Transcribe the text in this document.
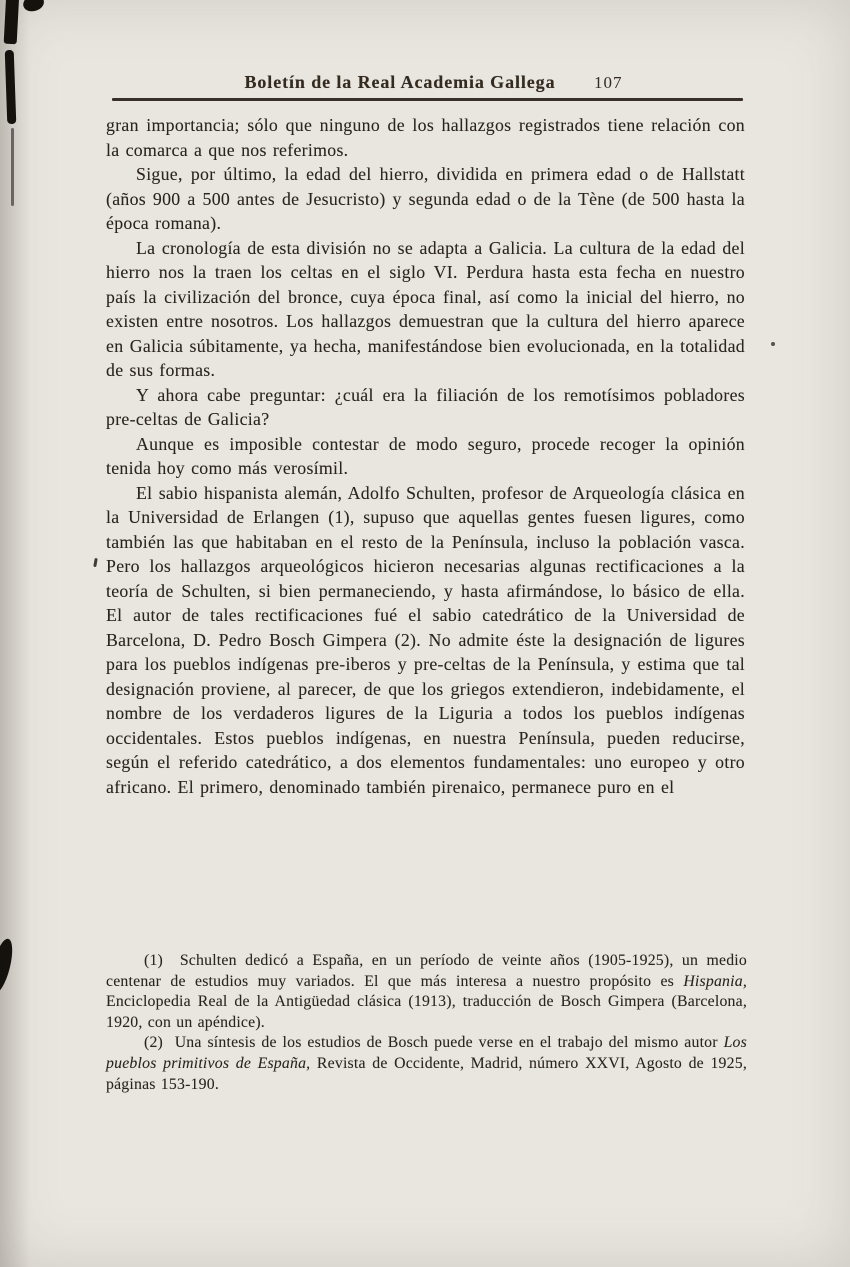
Boletín de la Real Academia Gallega	107

gran importancia; sólo que ninguno de los hallazgos registrados tiene relación con la comarca a que nos referimos.

Sigue, por último, la edad del hierro, dividida en primera edad o de Hallstatt (años 900 a 500 antes de Jesucristo) y segunda edad o de la Tène (de 500 hasta la época romana).

La cronología de esta división no se adapta a Galicia. La cultura de la edad del hierro nos la traen los celtas en el siglo VI. Perdura hasta esta fecha en nuestro país la civilización del bronce, cuya época final, así como la inicial del hierro, no existen entre nosotros. Los hallazgos demuestran que la cultura del hierro aparece en Galicia súbitamente, ya hecha, manifestándose bien evolucionada, en la totalidad de sus formas.

Y ahora cabe preguntar: ¿cuál era la filiación de los remotísimos pobladores pre-celtas de Galicia?

Aunque es imposible contestar de modo seguro, procede recoger la opinión tenida hoy como más verosímil.

El sabio hispanista alemán, Adolfo Schulten, profesor de Arqueología clásica en la Universidad de Erlangen (1), supuso que aquellas gentes fuesen ligures, como también las que habitaban en el resto de la Península, incluso la población vasca. Pero los hallazgos arqueológicos hicieron necesarias algunas rectificaciones a la teoría de Schulten, si bien permaneciendo, y hasta afirmándose, lo básico de ella. El autor de tales rectificaciones fué el sabio catedrático de la Universidad de Barcelona, D. Pedro Bosch Gimpera (2). No admite éste la designación de ligures para los pueblos indígenas pre-iberos y pre-celtas de la Península, y estima que tal designación proviene, al parecer, de que los griegos extendieron, indebidamente, el nombre de los verdaderos ligures de la Liguria a todos los pueblos indígenas occidentales. Estos pueblos indígenas, en nuestra Península, pueden reducirse, según el referido catedrático, a dos elementos fundamentales: uno europeo y otro africano. El primero, denominado también pirenaico, permanece puro en el

(1)  Schulten dedicó a España, en un período de veinte años (1905-1925), un medio centenar de estudios muy variados. El que más interesa a nuestro propósito es Hispania, Enciclopedia Real de la Antigüedad clásica (1913), traducción de Bosch Gimpera (Barcelona, 1920, con un apéndice).

(2)  Una síntesis de los estudios de Bosch puede verse en el trabajo del mismo autor Los pueblos primitivos de España, Revista de Occidente, Madrid, número XXVI, Agosto de 1925, páginas 153-190.
